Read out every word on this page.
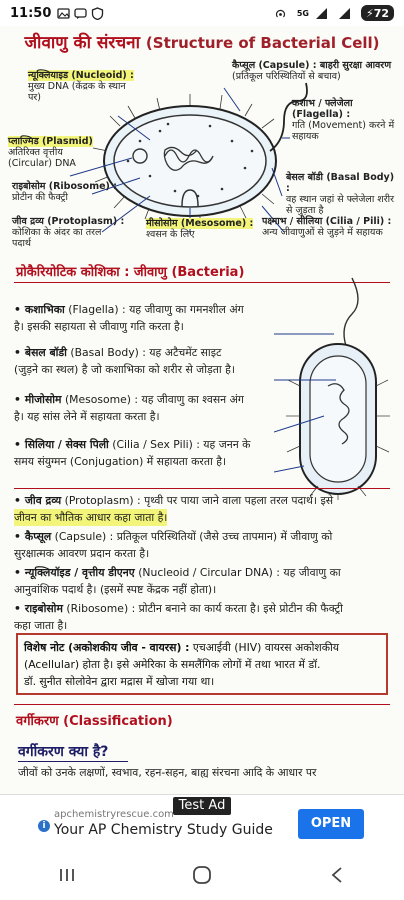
11:50	5G	⚡ 72
जीवाणु की संरचना (Structure of Bacterial Cell)
न्यूक्लियाइड (Nucleoid) :
मुख्य DNA (केंद्रक के स्थान
पर)
प्लाज्मिड (Plasmid)
अतिरिक्त वृत्तीय
(Circular) DNA
राइबोसोम (Ribosome) :
प्रोटीन की फैक्ट्री
जीव द्रव्य (Protoplasm) :
कोशिका के अंदर का तरल
पदार्थ
मीसोसोम (Mesosome) :
श्वसन के लिए
कैप्सूल (Capsule) : बाहरी सुरक्षा आवरण
(प्रतिकूल परिस्थितियों से बचाव)
कशाभ / फ्लेजेला (Flagella) :
गति (Movement) करने में
सहायक
बेसल बॉडी (Basal Body) :
वह स्थान जहां से फ्लेजेला शरीर
से जुड़ता है
पक्ष्माभ / सीलिया (Cilia / Pili) :
अन्य जीवाणुओं से जुड़ने में सहायक
प्रोकैरियोटिक कोशिका : जीवाणु (Bacteria)
• कशाभिका (Flagella) : यह जीवाणु का गमनशील अंग
है। इसकी सहायता से जीवाणु गति करता है।
• बेसल बॉडी (Basal Body) : यह अटैचमेंट साइट
(जुड़ने का स्थल) है जो कशाभिका को शरीर से जोड़ता है।
• मीजोसोम (Mesosome) : यह जीवाणु का श्वसन अंग
है। यह सांस लेने में सहायता करता है।
• सिलिया / सेक्स पिली (Cilia / Sex Pili) : यह जनन के
समय संयुग्मन (Conjugation) में सहायता करता है।
• जीव द्रव्य (Protoplasm) : पृथ्वी पर पाया जाने वाला पहला तरल पदार्थ। इसे
जीवन का भौतिक आधार कहा जाता है।
• कैप्सूल (Capsule) : प्रतिकूल परिस्थितियों (जैसे उच्च तापमान) में जीवाणु को
सुरक्षात्मक आवरण प्रदान करता है।
• न्यूक्लियॉइड / वृत्तीय डीएनए (Nucleoid / Circular DNA) : यह जीवाणु का
आनुवांशिक पदार्थ है। (इसमें स्पष्ट केंद्रक नहीं होता)।
• राइबोसोम (Ribosome) : प्रोटीन बनाने का कार्य करता है। इसे प्रोटीन की फैक्ट्री
कहा जाता है।
विशेष नोट (अकोशकीय जीव - वायरस) : एचआईवी (HIV) वायरस अकोशकीय
(Acellular) होता है। इसे अमेरिका के समलैंगिक लोगों में तथा भारत में डॉ.
डॉ. सुनीत सोलोवेन द्वारा मद्रास में खोजा गया था।
वर्गीकरण (Classification)
वर्गीकरण क्या है?
जीवों को उनके लक्षणों, स्वभाव, रहन-सहन, बाह्य संरचना आदि के आधार पर
Test Ad
i
apchemistryrescue.com
Your AP Chemistry Study Guide	OPEN
